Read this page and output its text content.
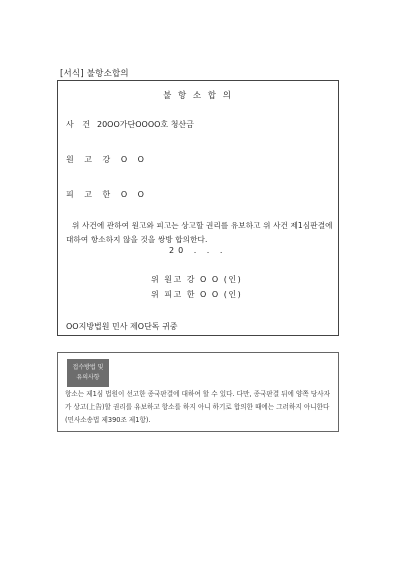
[서식] 불항소합의
불 항 소 합 의
사 건 20OO가단OOOO호 청산금
원 고 강 O O
피 고 한 O O
위 사건에 관하여 원고와 피고는 상고할 권리를 유보하고 위 사건 제1심판결에 대하여 항소하지 않을 것을 쌍방 합의한다.
20 . . .
위 원고 강 O O (인)
위 피고 한 O O (인)
OO지방법원 민사 제O단독 귀중
접수방법 및
유의사항
항소는 제1심 법원이 선고한 종국판결에 대하여 할 수 있다. 다만, 종국판결 뒤에 양쪽 당사자가 상고(上告)할 권리를 유보하고 항소를 하지 아니 하기로 합의한 때에는 그러하지 아니한다(민사소송법 제390조 제1항).
